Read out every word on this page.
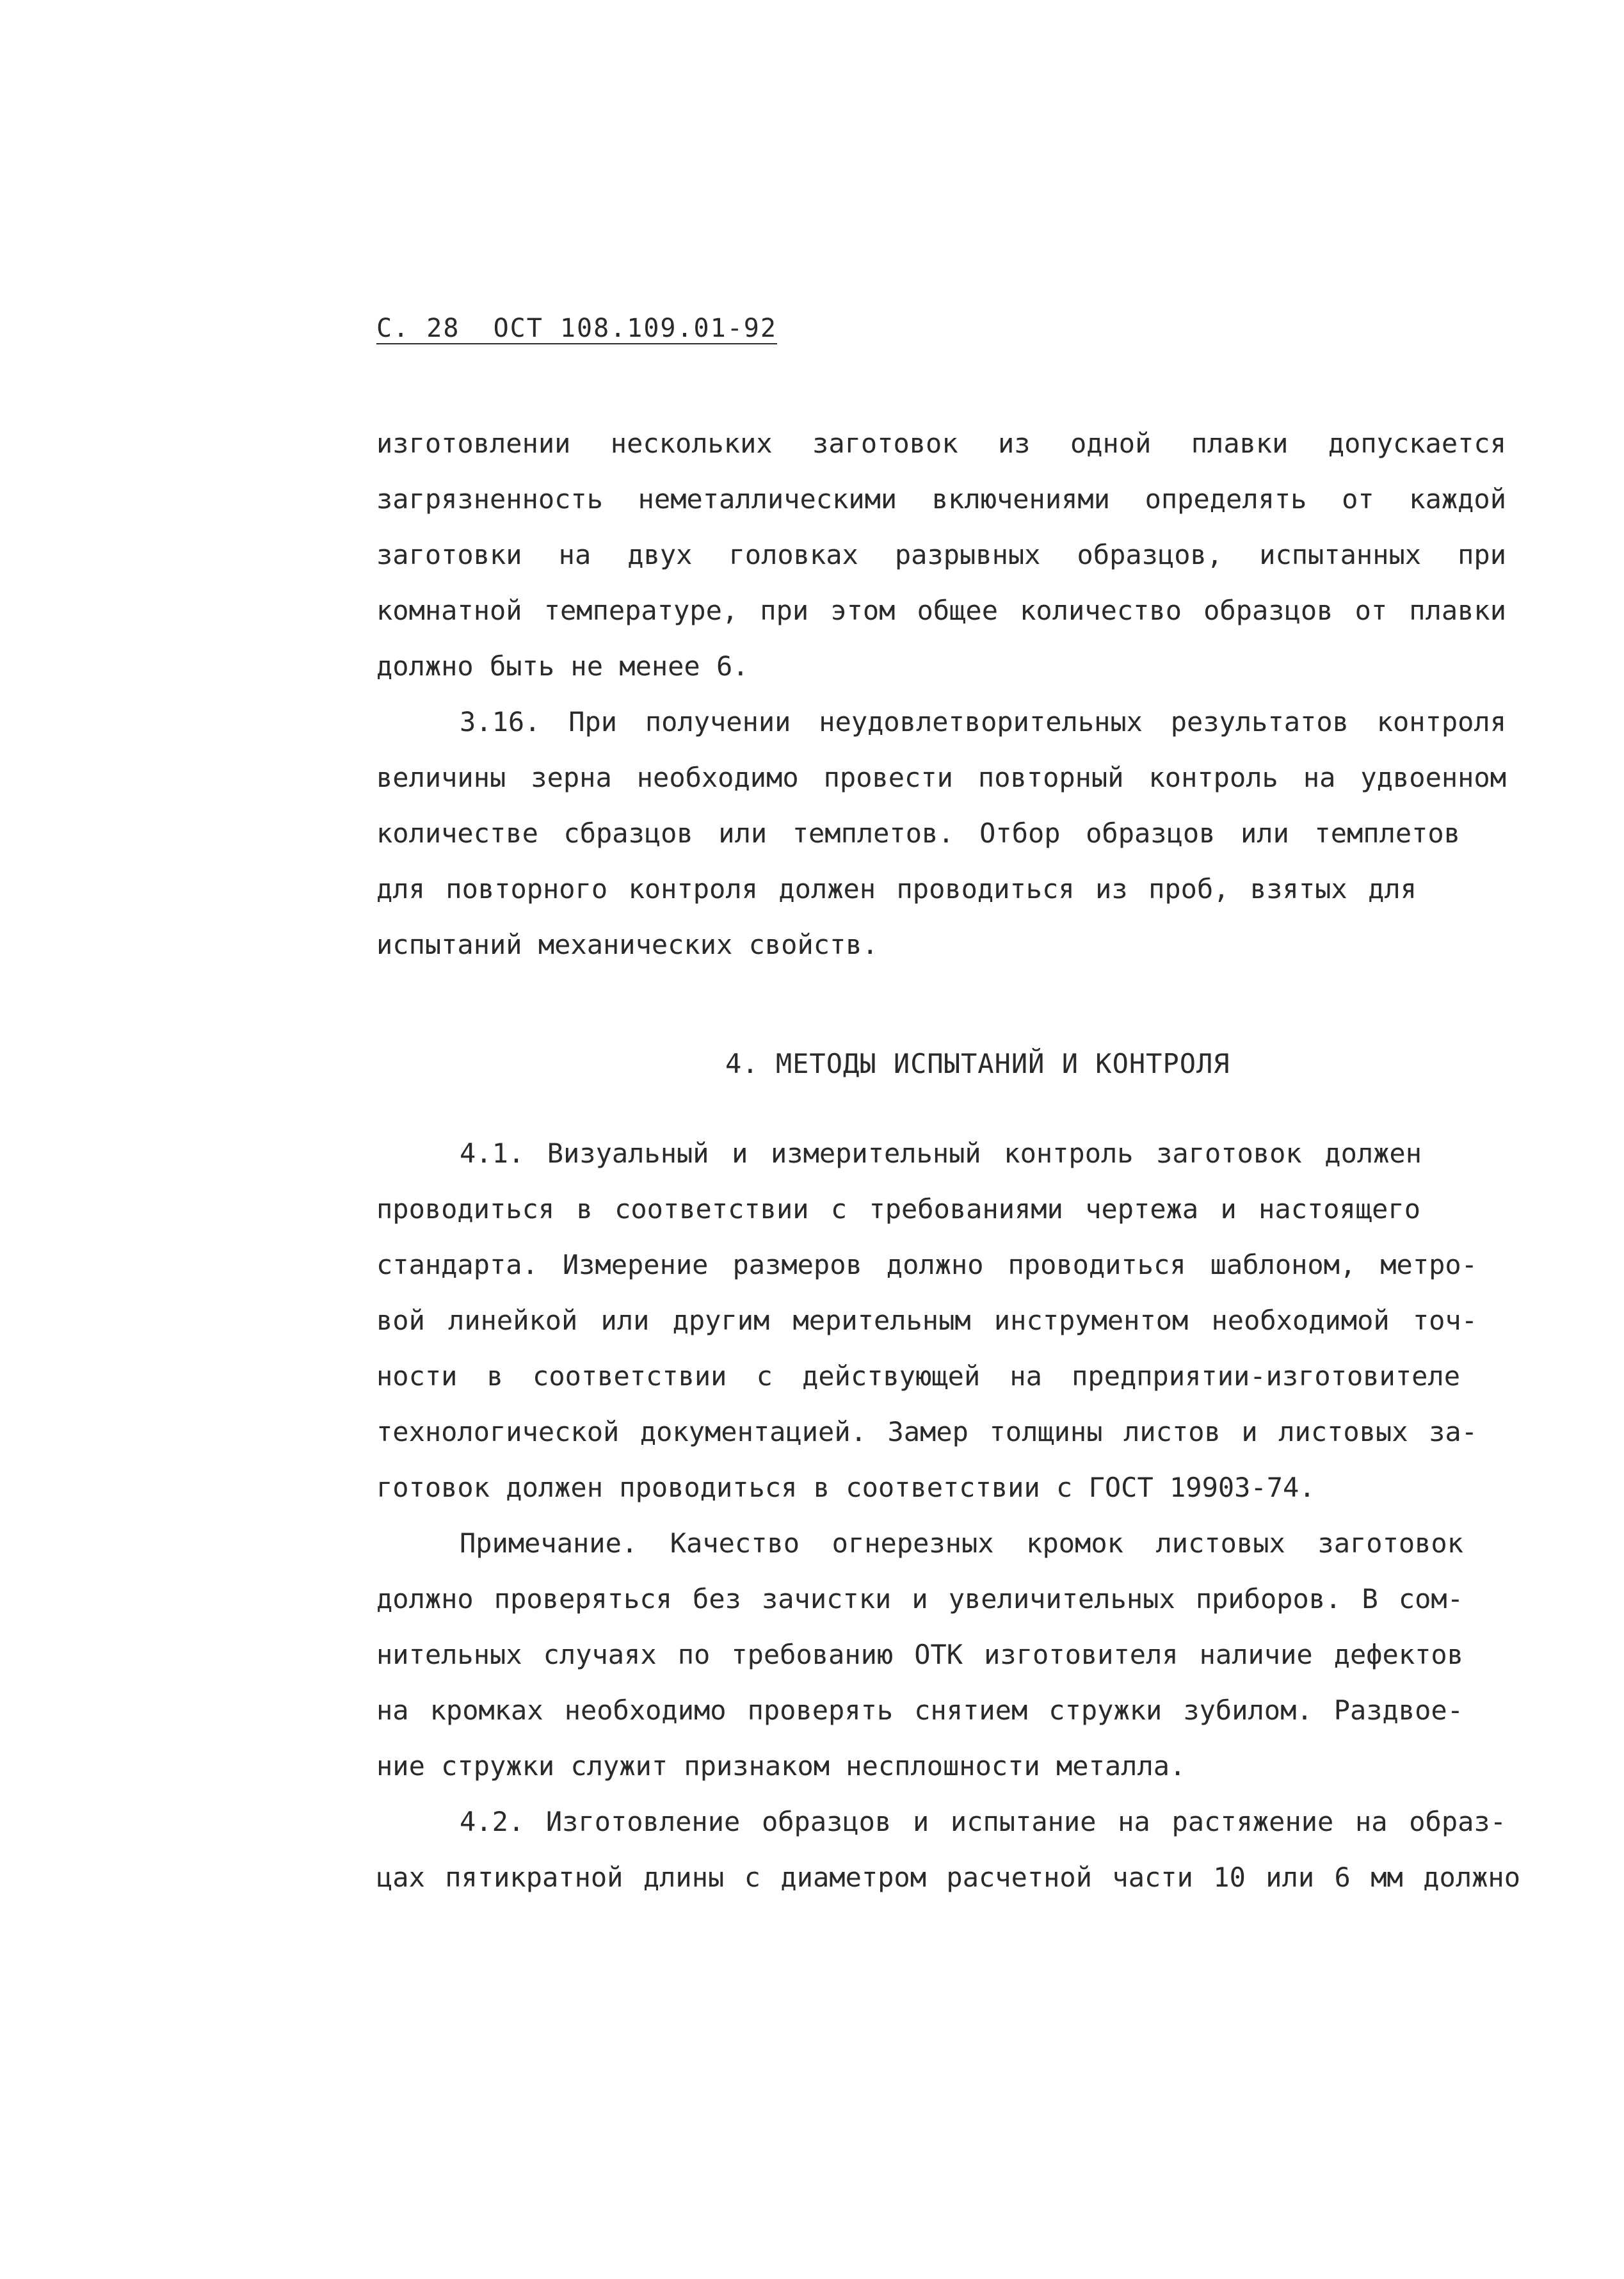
С. 28  ОСТ 108.109.01-92
изготовлении нескольких заготовок из одной плавки допускается
загрязненность неметаллическими включениями определять от каждой
заготовки на двух головках разрывных образцов, испытанных при
комнатной температуре, при этом общее количество образцов от плавки
должно быть не менее 6.
3.16. При получении неудовлетворительных результатов контроля
величины зерна необходимо провести повторный контроль на удвоенном
количестве сбразцов или темплетов. Отбор образцов или темплетов
для повторного контроля должен проводиться из проб, взятых для
испытаний механических свойств.
4. МЕТОДЫ ИСПЫТАНИЙ И КОНТРОЛЯ
4.1. Визуальный и измерительный контроль заготовок должен
проводиться в соответствии с требованиями чертежа и настоящего
стандарта. Измерение размеров должно проводиться шаблоном, метро-
вой линейкой или другим мерительным инструментом необходимой точ-
ности в соответствии с действующей на предприятии-изготовителе
технологической документацией. Замер толщины листов и листовых за-
готовок должен проводиться в соответствии с ГОСТ 19903-74.
Примечание. Качество огнерезных кромок листовых заготовок
должно проверяться без зачистки и увеличительных приборов. В сом-
нительных случаях по требованию ОТК изготовителя наличие дефектов
на кромках необходимо проверять снятием стружки зубилом. Раздвое-
ние стружки служит признаком несплошности металла.
4.2. Изготовление образцов и испытание на растяжение на образ-
цах пятикратной длины с диаметром расчетной части 10 или 6 мм должно
